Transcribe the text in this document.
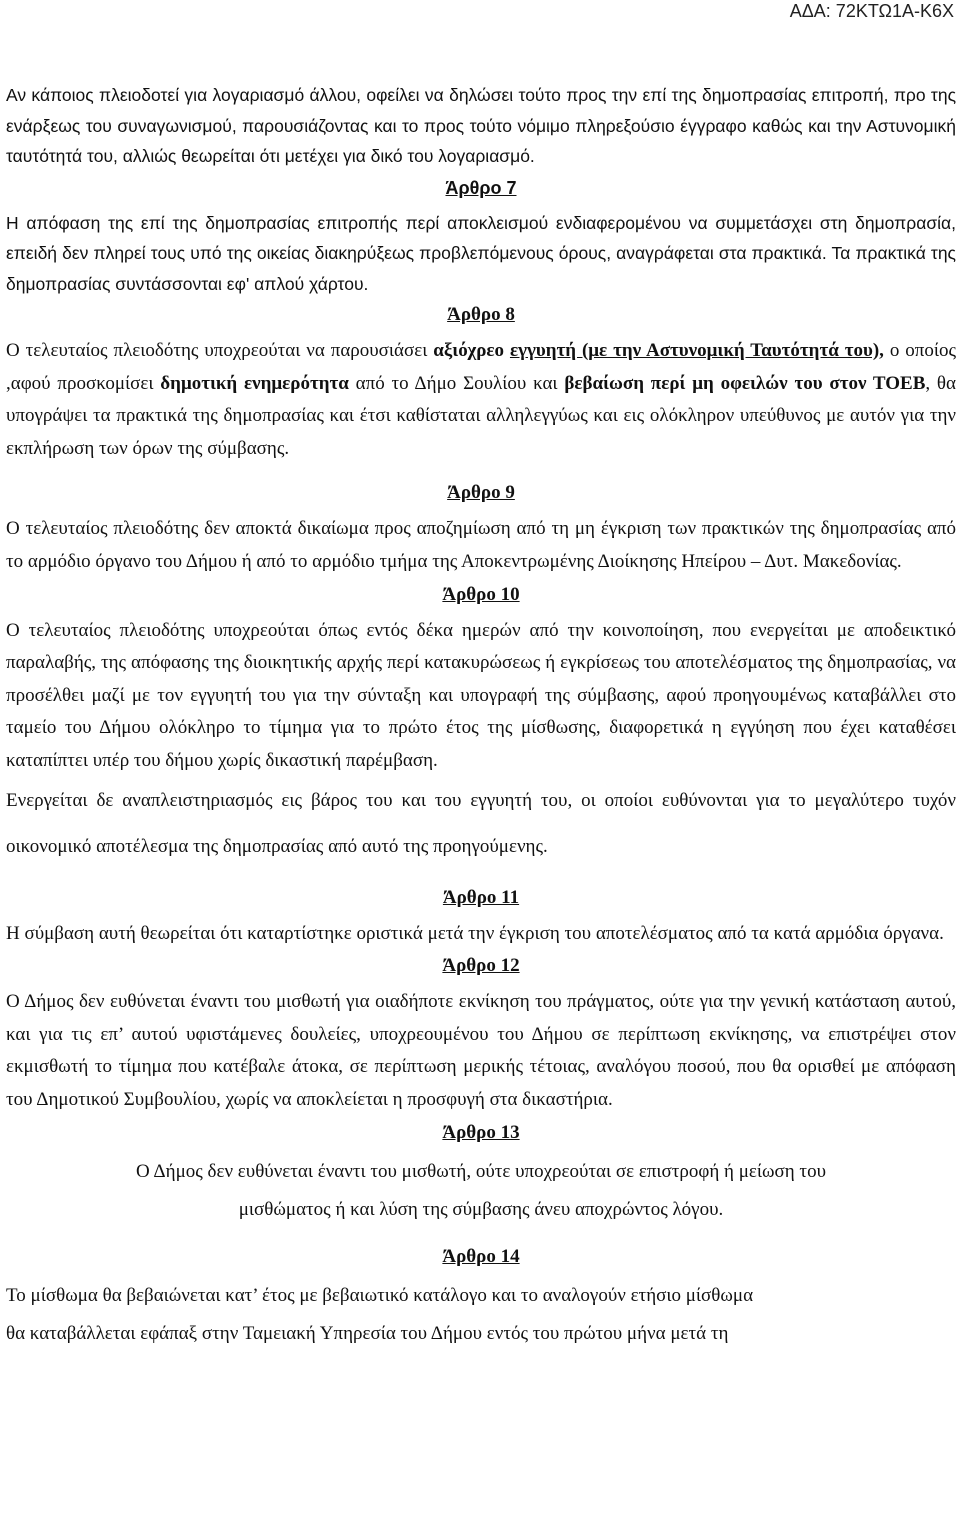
ΑΔΑ: 72ΚΤΩ1Α-Κ6Χ

Αν κάποιος πλειοδοτεί για λογαριασμό άλλου, οφείλει να δηλώσει τούτο προς την επί της δημοπρασίας επιτροπή, προ της ενάρξεως του συναγωνισμού, παρουσιάζοντας και το προς τούτο νόμιμο πληρεξούσιο έγγραφο καθώς και την Αστυνομική ταυτότητά του, αλλιώς θεωρείται ότι μετέχει για δικό του λογαριασμό.

Άρθρο 7

Η απόφαση της επί της δημοπρασίας επιτροπής περί αποκλεισμού ενδιαφερομένου να συμμετάσχει στη δημοπρασία, επειδή δεν πληρεί τους υπό της οικείας διακηρύξεως προβλεπόμενους όρους, αναγράφεται στα πρακτικά. Τα πρακτικά της δημοπρασίας συντάσσονται εφ' απλού χάρτου.

Άρθρο 8

Ο τελευταίος πλειοδότης υποχρεούται να παρουσιάσει αξιόχρεο εγγυητή (με την Αστυνομική Ταυτότητά του), ο οποίος ,αφού προσκομίσει δημοτική ενημερότητα από το Δήμο Σουλίου και βεβαίωση περί μη οφειλών του στον ΤΟΕΒ, θα υπογράψει τα πρακτικά της δημοπρασίας και έτσι καθίσταται αλληλεγγύως και εις ολόκληρον υπεύθυνος με αυτόν για την εκπλήρωση των όρων της σύμβασης.

Άρθρο 9

Ο τελευταίος πλειοδότης δεν αποκτά δικαίωμα προς αποζημίωση από τη μη έγκριση των πρακτικών της δημοπρασίας από το αρμόδιο όργανο του Δήμου ή από το αρμόδιο τμήμα της Αποκεντρωμένης Διοίκησης Ηπείρου – Δυτ. Μακεδονίας.

Άρθρο 10

Ο τελευταίος πλειοδότης υποχρεούται όπως εντός δέκα ημερών από την κοινοποίηση, που ενεργείται με αποδεικτικό παραλαβής, της απόφασης της διοικητικής αρχής περί κατακυρώσεως ή εγκρίσεως του αποτελέσματος της δημοπρασίας, να προσέλθει μαζί με τον εγγυητή του για την σύνταξη και υπογραφή της σύμβασης, αφού προηγουμένως καταβάλλει στο ταμείο του Δήμου ολόκληρο το τίμημα για το πρώτο έτος της μίσθωσης, διαφορετικά η εγγύηση που έχει καταθέσει καταπίπτει υπέρ του δήμου χωρίς δικαστική παρέμβαση.

Ενεργείται δε αναπλειστηριασμός εις βάρος του και του εγγυητή του, οι οποίοι ευθύνονται για το μεγαλύτερο τυχόν οικονομικό αποτέλεσμα της δημοπρασίας από αυτό της προηγούμενης.

Άρθρο 11

Η σύμβαση αυτή θεωρείται ότι καταρτίστηκε οριστικά μετά την έγκριση του αποτελέσματος από τα κατά αρμόδια όργανα.

Άρθρο 12

Ο Δήμος δεν ευθύνεται έναντι του μισθωτή για οιαδήποτε εκνίκηση του πράγματος, ούτε για την γενική κατάσταση αυτού, και για τις επ’ αυτού υφιστάμενες δουλείες, υποχρεουμένου του Δήμου σε περίπτωση εκνίκησης, να επιστρέψει στον εκμισθωτή το τίμημα που κατέβαλε άτοκα, σε περίπτωση μερικής τέτοιας, αναλόγου ποσού, που θα ορισθεί με απόφαση του Δημοτικού Συμβουλίου, χωρίς να αποκλείεται η προσφυγή στα δικαστήρια.

Άρθρο 13

Ο Δήμος δεν ευθύνεται έναντι του μισθωτή, ούτε υποχρεούται σε επιστροφή ή μείωση του

μισθώματος ή και λύση της σύμβασης άνευ αποχρώντος λόγου.

Άρθρο 14

Το μίσθωμα θα βεβαιώνεται κατ’ έτος με βεβαιωτικό κατάλογο και το αναλογούν ετήσιο μίσθωμα

θα καταβάλλεται εφάπαξ στην Ταμειακή Υπηρεσία του Δήμου εντός του πρώτου μήνα μετά τη
